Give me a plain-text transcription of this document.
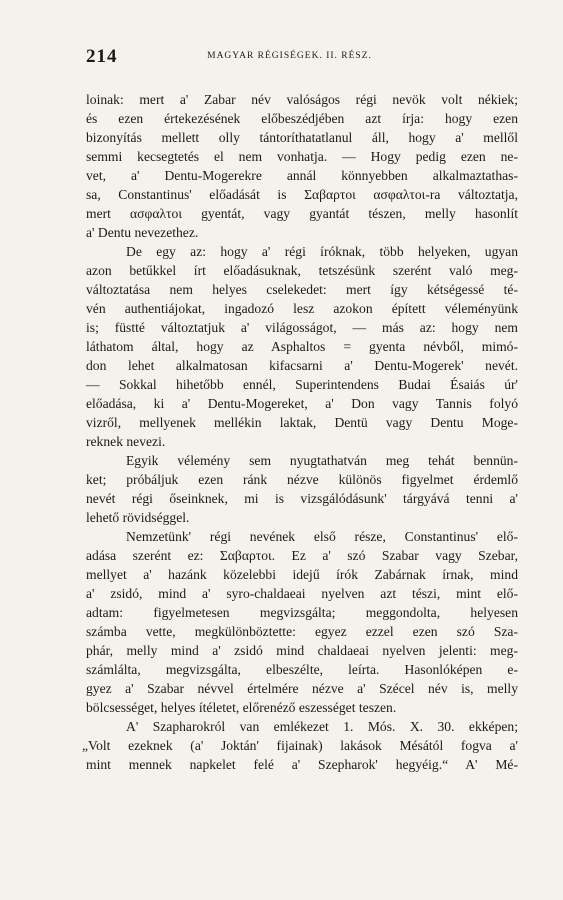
214	MAGYAR RÉGISÉGEK. II. RÉSZ.
loinak: mert a' Zabar név valóságos régi nevök volt nékiek;
és ezen értekezésének előbeszédjében azt írja: hogy ezen
bizonyítás mellett olly tántoríthatatlanul áll, hogy a' mellől
semmi kecsegtetés el nem vonhatja. — Hogy pedig ezen ne-
vet, a' Dentu-Mogerekre annál könnyebben alkalmaztathas-
sa, Constantinus' előadását is Σαβαρτοι ασφαλτοι-ra változtatja,
mert ασφαλτοι gyentát, vagy gyantát tészen, melly hasonlít
a' Dentu nevezethez.
De egy az: hogy a' régi íróknak, több helyeken, ugyan
azon betűkkel írt előadásuknak, tetszésünk szerént való meg-
változtatása nem helyes cselekedet: mert így kétségessé té-
vén authentiájokat, ingadozó lesz azokon épített véleményünk
is; füstté változtatjuk a' világosságot, — más az: hogy nem
láthatom által, hogy az Asphaltos = gyenta névből, mimó-
don lehet alkalmatosan kifacsarni a' Dentu-Mogerek' nevét.
— Sokkal hihetőbb ennél, Superintendens Budai Ésaiás úr'
előadása, ki a' Dentu-Mogereket, a' Don vagy Tannis folyó
vizről, mellyenek mellékin laktak, Dentü vagy Dentu Moge-
reknek nevezi.
Egyik vélemény sem nyugtathatván meg tehát bennün-
ket; próbáljuk ezen ránk nézve különös figyelmet érdemlő
nevét régi őseinknek, mi is vizsgálódásunk' tárgyává tenni a'
lehető rövidséggel.
Nemzetünk' régi nevének első része, Constantinus' elő-
adása szerént ez: Σαβαρτοι. Ez a' szó Szabar vagy Szebar,
mellyet a' hazánk közelebbi idejű írók Zabárnak írnak, mind
a' zsidó, mind a' syro-chaldaeai nyelven azt tészi, mint elő-
adtam: figyelmetesen megvizsgálta; meggondolta, helyesen
számba vette, megkülönböztette: egyez ezzel ezen szó Sza-
phár, melly mind a' zsidó mind chaldaeai nyelven jelenti: meg-
számlálta, megvizsgálta, elbeszélte, leírta. Hasonlóképen e-
gyez a' Szabar névvel értelmére nézve a' Szécel név is, melly
bölcsességet, helyes ítéletet, előrenéző eszességet teszen.
A' Szapharokról van emlékezet 1. Mós. X. 30. ekképen;
„Volt ezeknek (a' Joktán' fijainak) lakások Mésától fogva a'
mint mennek napkelet felé a' Szepharok' hegyéig.“ A' Mé-
